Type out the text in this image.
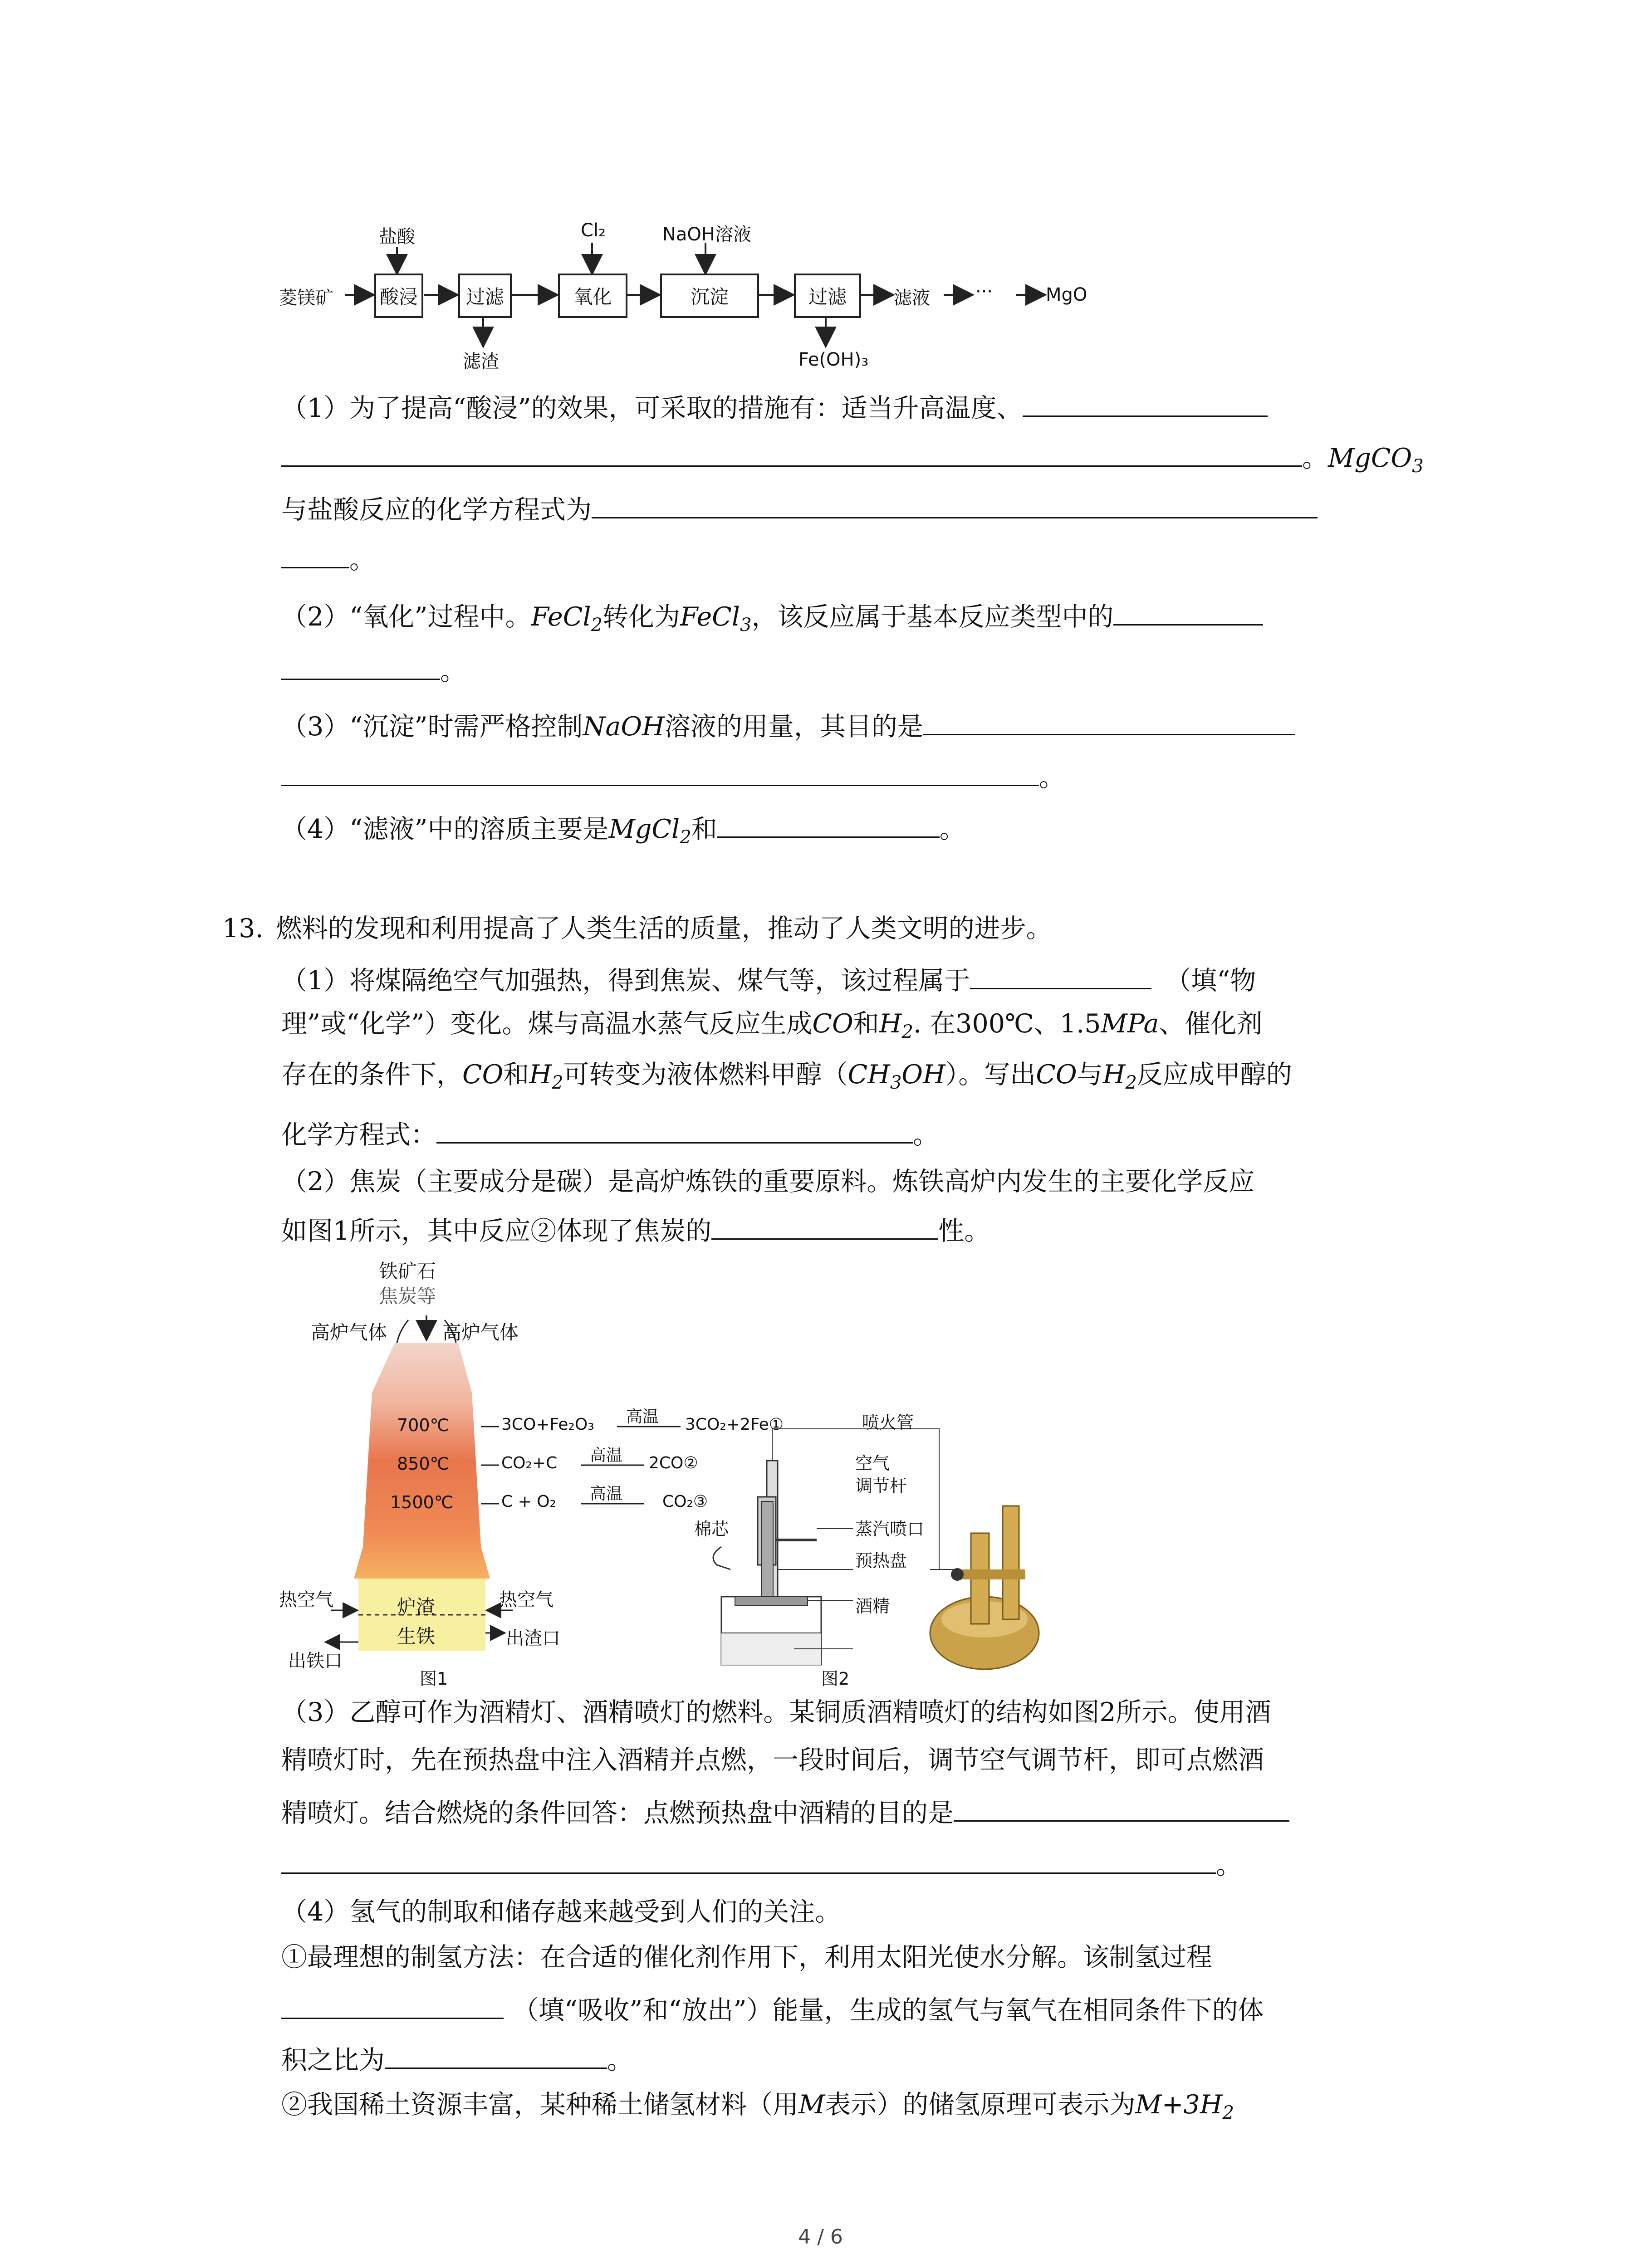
菱镁矿
盐酸	Cl₂	NaOH溶液
酸浸	过滤	氧化	沉淀	过滤
滤渣	Fe(OH)₃
滤液	···	MgO
（1）为了提高“酸浸”的效果，可采取的措施有：适当升高温度、
。MgCO$_3$
与盐酸反应的化学方程式为
。
（2）“氧化”过程中。FeCl$_2$转化为FeCl$_3$，该反应属于基本反应类型中的
。
（3）“沉淀”时需严格控制NaOH溶液的用量，其目的是
。
（4）“滤液”中的溶质主要是MgCl$_2$和	。
13. 燃料的发现和利用提高了人类生活的质量，推动了人类文明的进步。
（1）将煤隔绝空气加强热，得到焦炭、煤气等，该过程属于	（填“物
理”或“化学”）变化。煤与高温水蒸气反应生成CO和$H_2$. 在300℃、1.5MPa、催化剂
存在的条件下，CO和$H_2$可转变为液体燃料甲醇$(CH_3OH)$。写出CO与$H_2$反应成甲醇的
化学方程式：	。
（2）焦炭（主要成分是碳）是高炉炼铁的重要原料。炼铁高炉内发生的主要化学反应
如图1所示，其中反应②体现了焦炭的	性。
铁矿石
焦炭等
高炉气体	高炉气体
700℃
850℃
1500℃
3CO+Fe₂O₃ 高温 3CO₂+2Fe①
CO₂+C 高温 2CO②
C + O₂ 高温 CO₂③
热空气	热空气
炉渣
生铁
出铁口
出渣口
图1
喷火管
空气
调节杆
棉芯	蒸汽喷口
预热盘
酒精
图2
（3）乙醇可作为酒精灯、酒精喷灯的燃料。某铜质酒精喷灯的结构如图2所示。使用酒
精喷灯时，先在预热盘中注入酒精并点燃，一段时间后，调节空气调节杆，即可点燃酒
精喷灯。结合燃烧的条件回答：点燃预热盘中酒精的目的是
。
（4）氢气的制取和储存越来越受到人们的关注。
①最理想的制氢方法：在合适的催化剂作用下，利用太阳光使水分解。该制氢过程
（填“吸收”和“放出”）能量，生成的氢气与氧气在相同条件下的体
积之比为	。
②我国稀土资源丰富，某种稀土储氢材料（用M表示）的储氢原理可表示为$M+3H_2$
4 / 6
